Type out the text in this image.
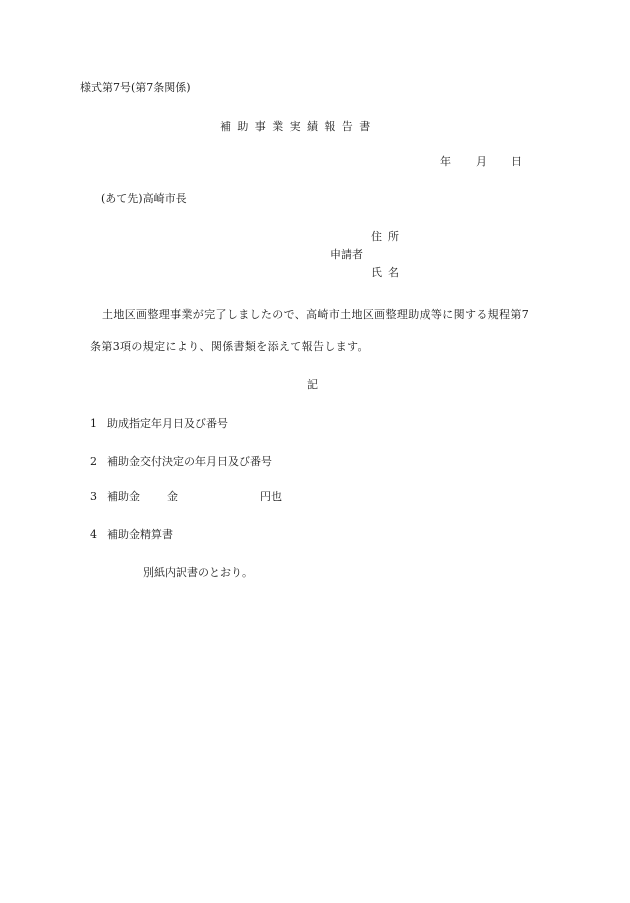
様式第7号(第7条関係)
補助事業実績報告書
年 月 日
(あて先)高崎市長
住所
申請者
氏名
土地区画整理事業が完了しましたので、高崎市土地区画整理助成等に関する規程第7
条第3項の規定により、関係書類を添えて報告します。
記
1 助成指定年月日及び番号
2 補助金交付決定の年月日及び番号
3 補助金 金	円也
4 補助金精算書
別紙内訳書のとおり。
